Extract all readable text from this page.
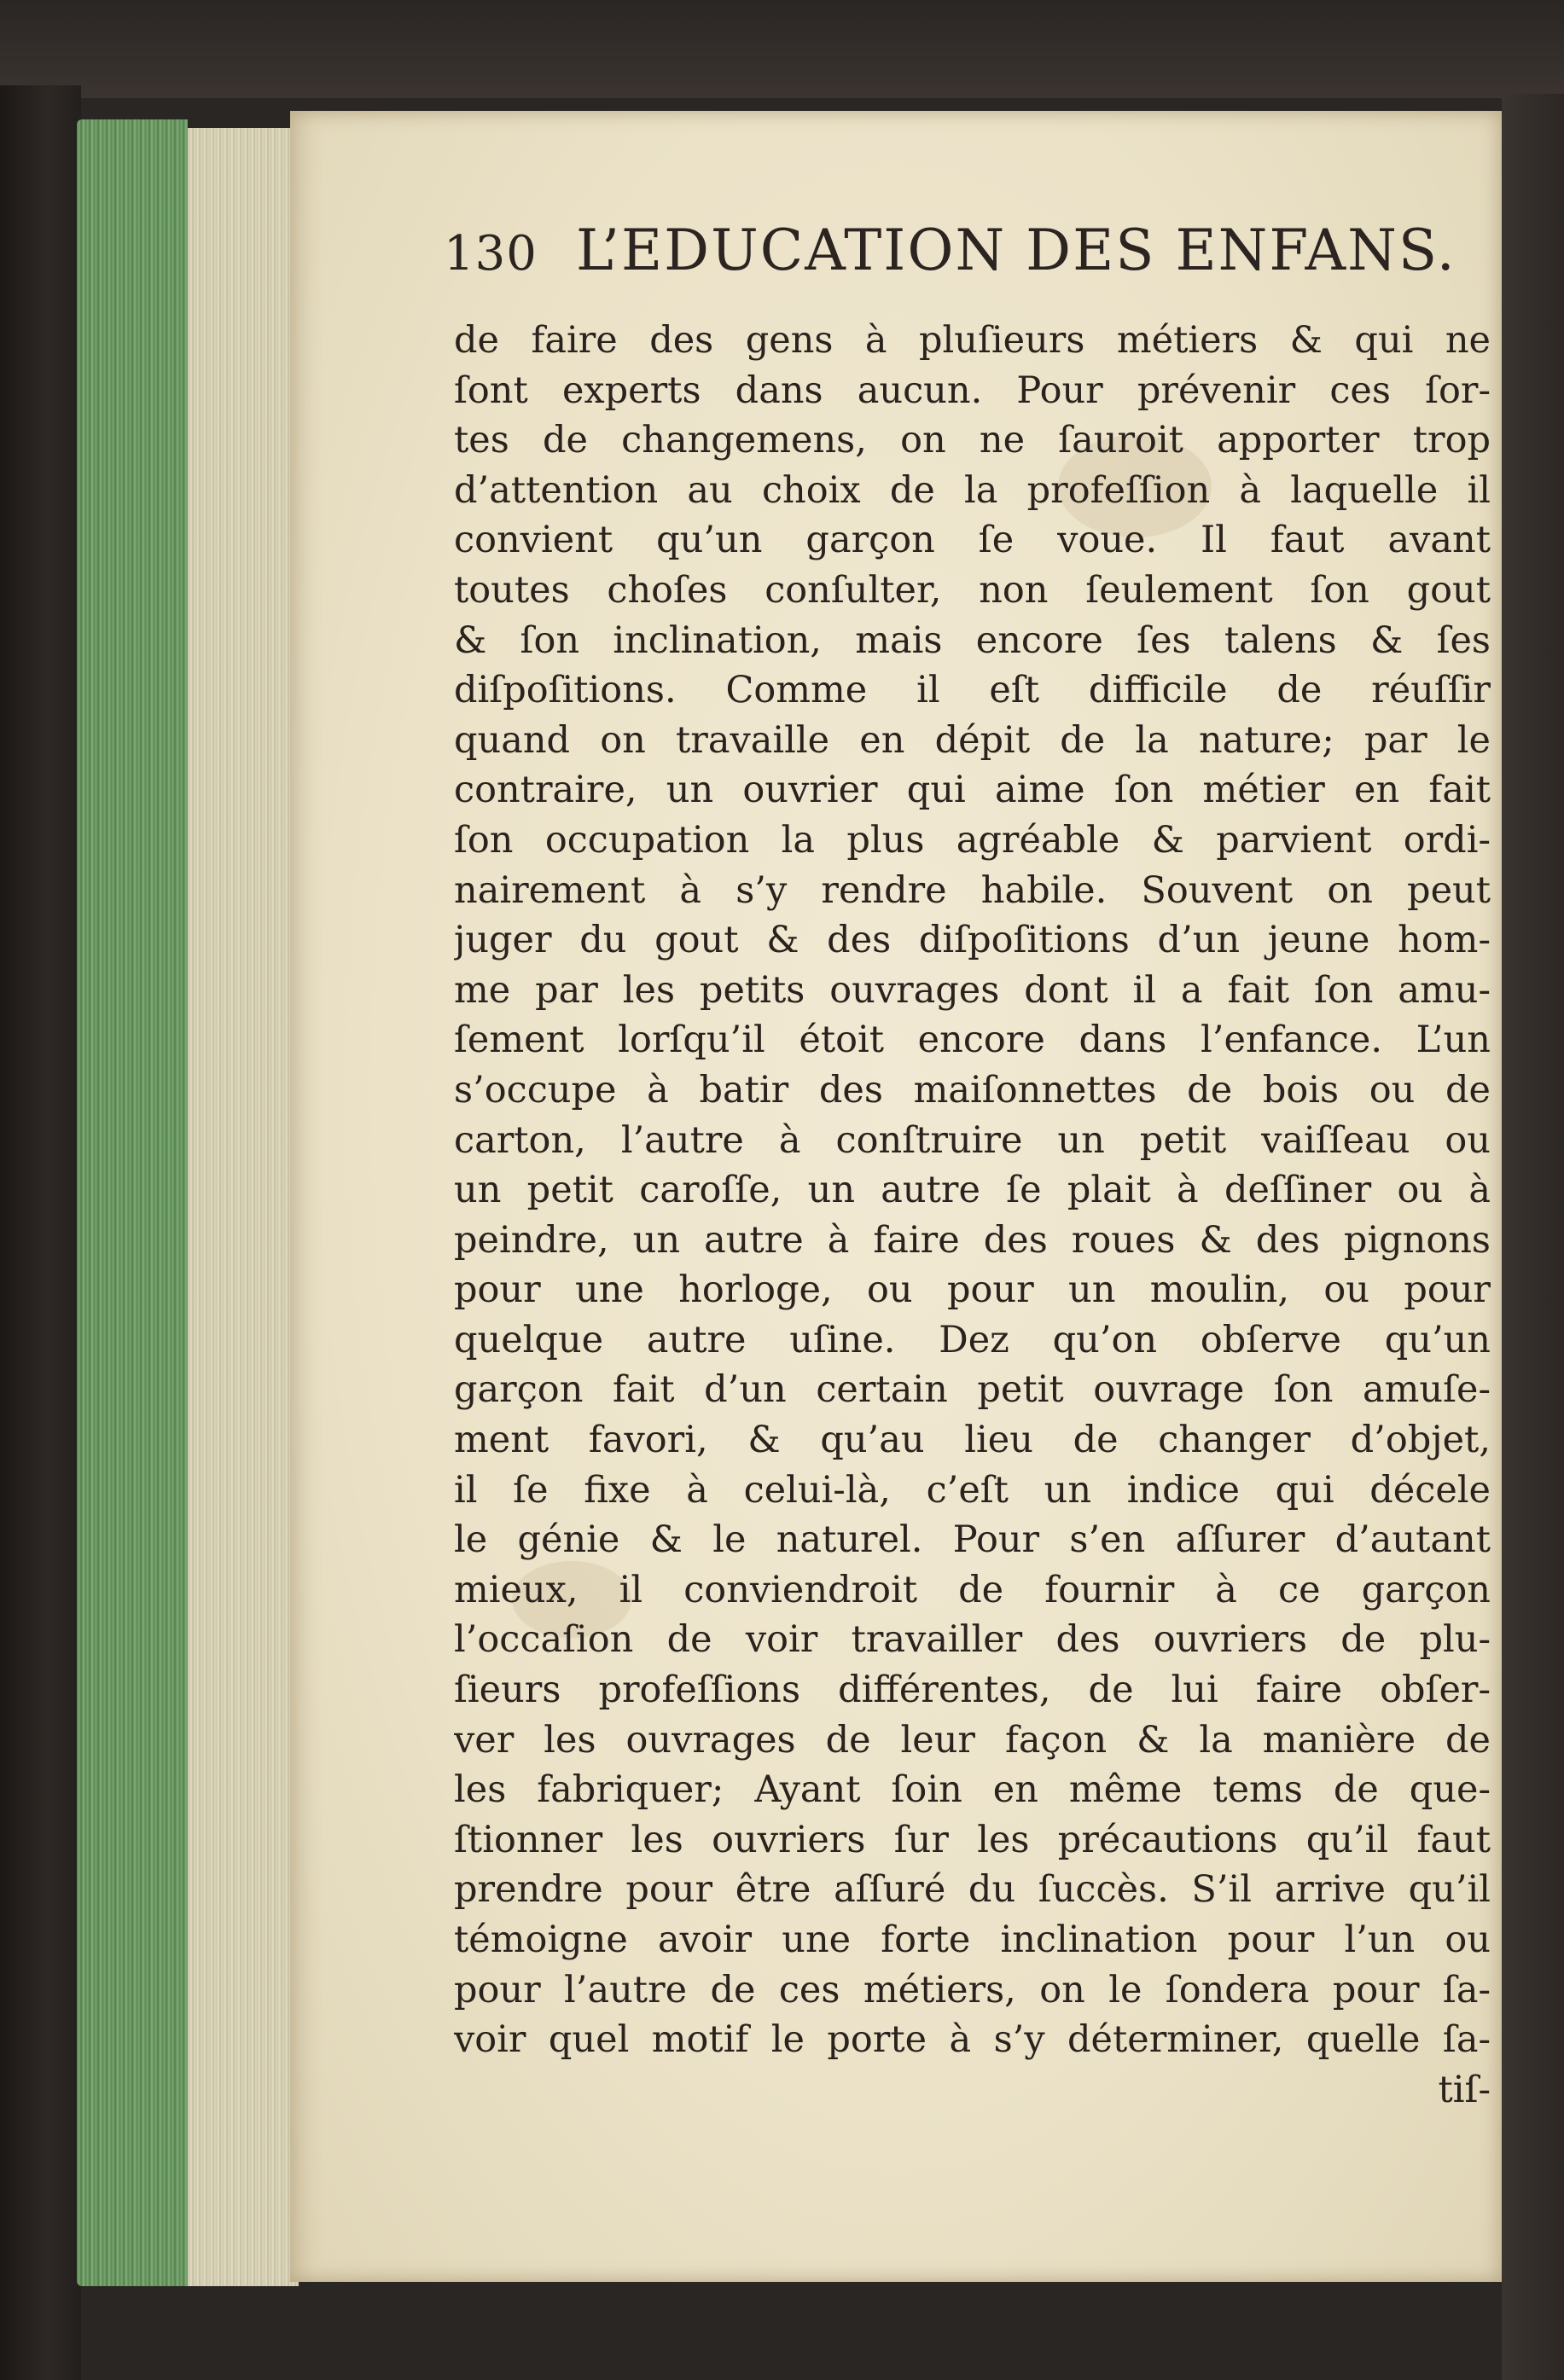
130 L’EDUCATION DES ENFANS.
de faire des gens à pluſieurs métiers & qui ne
ſont experts dans aucun. Pour prévenir ces ſor-
tes de changemens, on ne ſauroit apporter trop
d’attention au choix de la profeſſion à laquelle il
convient qu’un garçon ſe voue. Il faut avant
toutes choſes conſulter, non ſeulement ſon gout
& ſon inclination, mais encore ſes talens & ſes
diſpoſitions. Comme il eſt difficile de réuſſir
quand on travaille en dépit de la nature; par le
contraire, un ouvrier qui aime ſon métier en fait
ſon occupation la plus agréable & parvient ordi-
nairement à s’y rendre habile. Souvent on peut
juger du gout & des diſpoſitions d’un jeune hom-
me par les petits ouvrages dont il a fait ſon amu-
ſement lorſqu’il étoit encore dans l’enfance. L’un
s’occupe à batir des maiſonnettes de bois ou de
carton, l’autre à conſtruire un petit vaiſſeau ou
un petit caroſſe, un autre ſe plait à deſſiner ou à
peindre, un autre à faire des roues & des pignons
pour une horloge, ou pour un moulin, ou pour
quelque autre uſine. Dez qu’on obſerve qu’un
garçon fait d’un certain petit ouvrage ſon amuſe-
ment favori, & qu’au lieu de changer d’objet,
il ſe fixe à celui-là, c’eſt un indice qui décele
le génie & le naturel. Pour s’en aſſurer d’autant
mieux, il conviendroit de fournir à ce garçon
l’occaſion de voir travailler des ouvriers de plu-
ſieurs profeſſions différentes, de lui faire obſer-
ver les ouvrages de leur façon & la manière de
les fabriquer; Ayant ſoin en même tems de que-
ſtionner les ouvriers ſur les précautions qu’il faut
prendre pour être aſſuré du ſuccès. S’il arrive qu’il
témoigne avoir une forte inclination pour l’un ou
pour l’autre de ces métiers, on le ſondera pour ſa-
voir quel motif le porte à s’y déterminer, quelle ſa-
tiſ-
